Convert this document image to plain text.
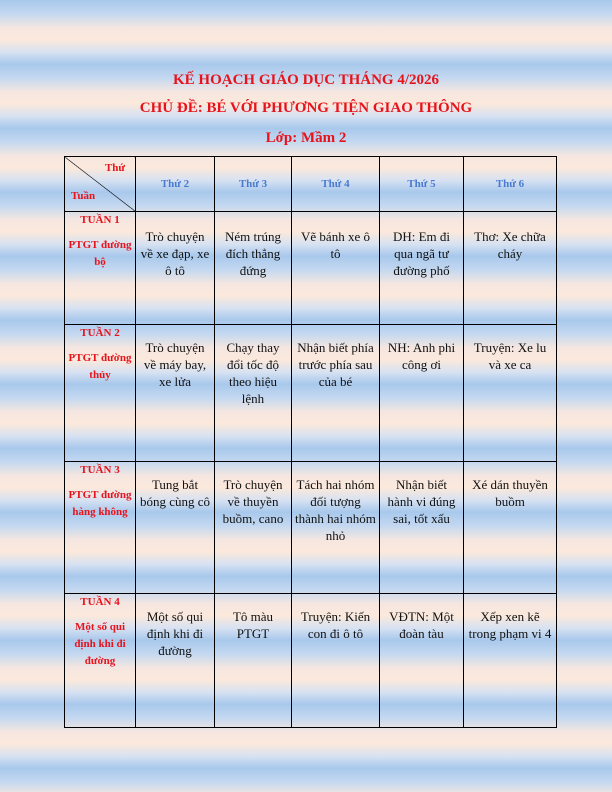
KẾ HOẠCH GIÁO DỤC THÁNG 4/2026
CHỦ ĐỀ: BÉ VỚI PHƯƠNG TIỆN GIAO THÔNG
Lớp: Mầm 2
Thứ
Tuần	Thứ 2	Thứ 3	Thứ 4	Thứ 5	Thứ 6

TUẦN 1
PTGT đường bộ	Trò chuyện về xe đạp, xe ô tô	Ném trúng đích thẳng đứng	Vẽ bánh xe ô tô	DH: Em đi qua ngã tư đường phố	Thơ: Xe chữa cháy

TUẦN 2
PTGT đường thủy	Trò chuyện về máy bay, xe lửa	Chạy thay đổi tốc độ theo hiệu lệnh	Nhận biết phía trước phía sau của bé	NH: Anh phi công ơi	Truyện: Xe lu và xe ca

TUẦN 3
PTGT đường hàng không	Tung bắt bóng cùng cô	Trò chuyện về thuyền buồm, cano	Tách hai nhóm đối tượng thành hai nhóm nhỏ	Nhận biết hành vi đúng sai, tốt xấu	Xé dán thuyền buồm

TUẦN 4
Một số qui định khi đi đường	Một số qui định khi đi đường	Tô màu PTGT	Truyện: Kiến con đi ô tô	VĐTN: Một đoàn tàu	Xếp xen kẽ trong phạm vi 4
